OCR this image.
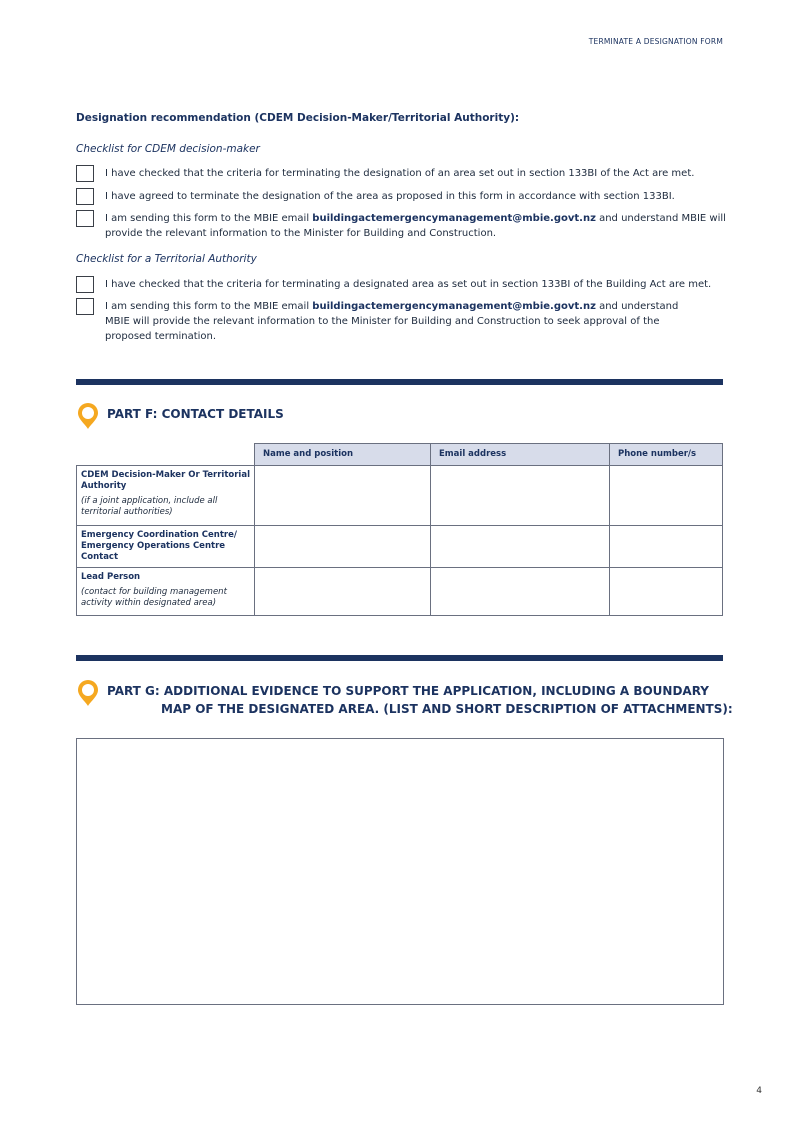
TERMINATE A DESIGNATION FORM
Designation recommendation (CDEM Decision-Maker/Territorial Authority):
Checklist for CDEM decision-maker
I have checked that the criteria for terminating the designation of an area set out in section 133BI of the Act are met.
I have agreed to terminate the designation of the area as proposed in this form in accordance with section 133BI.
I am sending this form to the MBIE email buildingactemergencymanagement@mbie.govt.nz and understand MBIE will provide the relevant information to the Minister for Building and Construction.
Checklist for a Territorial Authority
I have checked that the criteria for terminating a designated area as set out in section 133BI of the Building Act are met.
I am sending this form to the MBIE email buildingactemergencymanagement@mbie.govt.nz and understand MBIE will provide the relevant information to the Minister for Building and Construction to seek approval of the proposed termination.
PART F: CONTACT DETAILS
	Name and position	Email address	Phone number/s

CDEM Decision-Maker Or Territorial Authority
(if a joint application, include all territorial authorities)			

Emergency Coordination Centre/ Emergency Operations Centre Contact			

Lead Person
(contact for building management activity within designated area)			

PART G: ADDITIONAL EVIDENCE TO SUPPORT THE APPLICATION, INCLUDING A BOUNDARY
MAP OF THE DESIGNATED AREA. (LIST AND SHORT DESCRIPTION OF ATTACHMENTS):
4
